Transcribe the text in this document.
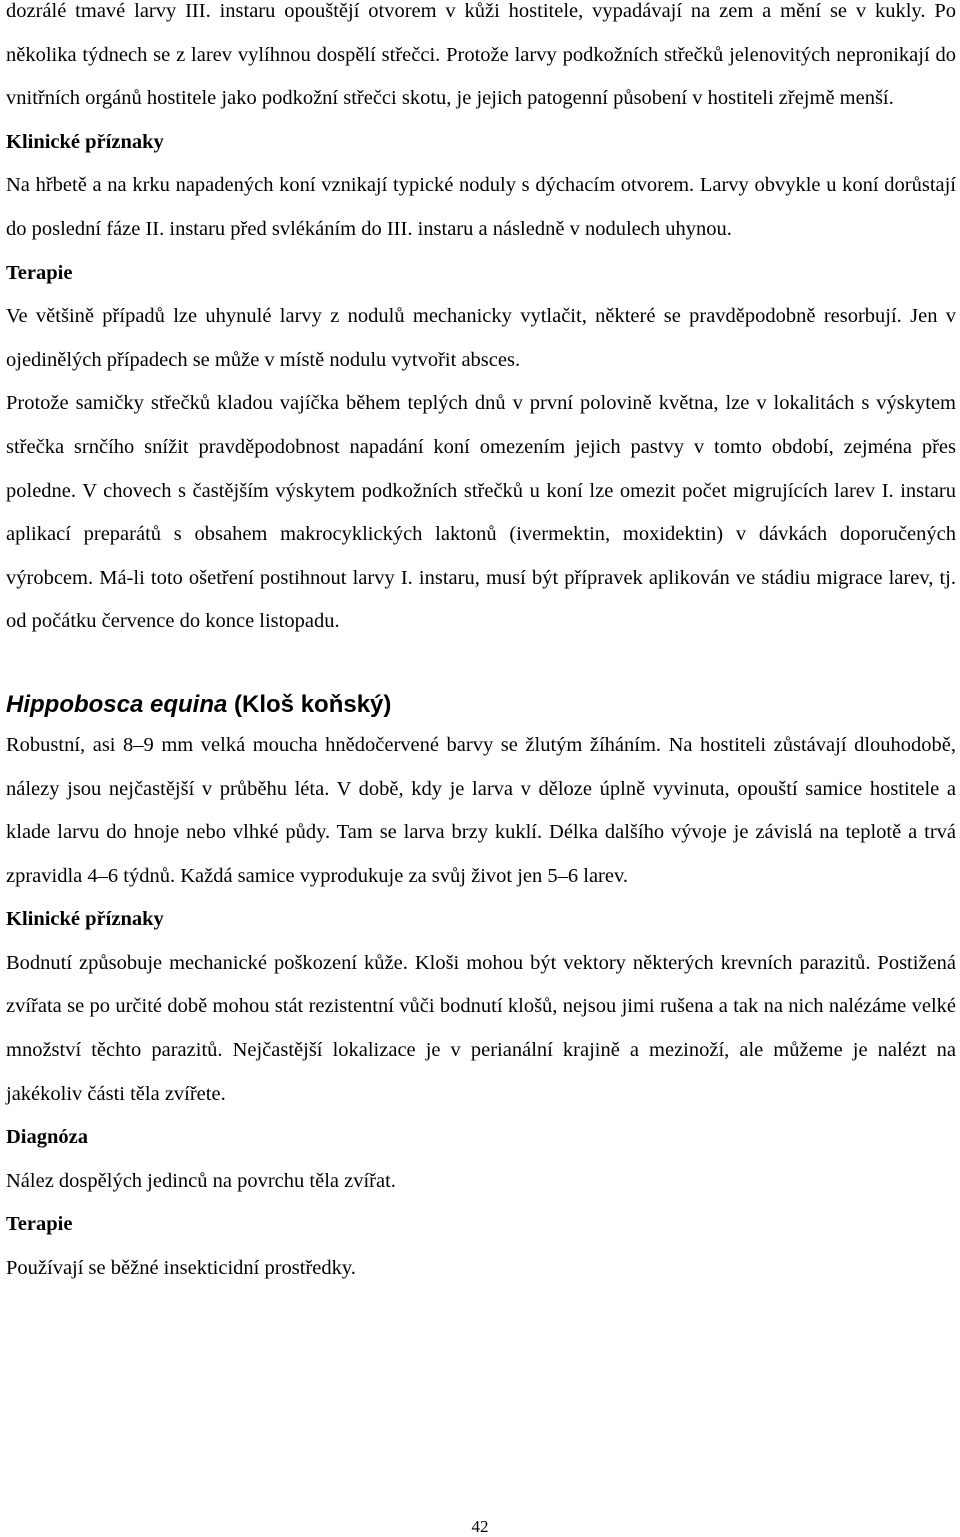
dozrálé tmavé larvy III. instaru opouštějí otvorem v kůži hostitele, vypadávají na zem a mění se v kukly. Po několika týdnech se z larev vylíhnou dospělí střečci. Protože larvy podkožních střečků jelenovitých nepronikají do vnitřních orgánů hostitele jako podkožní střečci skotu, je jejich patogenní působení v hostiteli zřejmě menší.

Klinické příznaky

Na hřbetě a na krku napadených koní vznikají typické noduly s dýchacím otvorem. Larvy obvykle u koní dorůstají do poslední fáze II. instaru před svlékáním do III. instaru a následně v nodulech uhynou.

Terapie

Ve většině případů lze uhynulé larvy z nodulů mechanicky vytlačit, některé se pravděpodobně resorbují. Jen v ojedinělých případech se může v místě nodulu vytvořit absces.

Protože samičky střečků kladou vajíčka během teplých dnů v první polovině května, lze v lokalitách s výskytem střečka srnčího snížit pravděpodobnost napadání koní omezením jejich pastvy v tomto období, zejména přes poledne. V chovech s častějším výskytem podkožních střečků u koní lze omezit počet migrujících larev I. instaru aplikací preparátů s obsahem makrocyklických laktonů (ivermektin, moxidektin) v dávkách doporučených výrobcem. Má-li toto ošetření postihnout larvy I. instaru, musí být přípravek aplikován ve stádiu migrace larev, tj. od počátku července do konce listopadu.

Hippobosca equina (Kloš koňský)

Robustní, asi 8–9 mm velká moucha hnědočervené barvy se žlutým žíháním. Na hostiteli zůstávají dlouhodobě, nálezy jsou nejčastější v průběhu léta. V době, kdy je larva v děloze úplně vyvinuta, opouští samice hostitele a klade larvu do hnoje nebo vlhké půdy. Tam se larva brzy kuklí. Délka dalšího vývoje je závislá na teplotě a trvá zpravidla 4–6 týdnů. Každá samice vyprodukuje za svůj život jen 5–6 larev.

Klinické příznaky

Bodnutí způsobuje mechanické poškození kůže. Kloši mohou být vektory některých krevních parazitů. Postižená zvířata se po určité době mohou stát rezistentní vůči bodnutí klošů, nejsou jimi rušena a tak na nich nalézáme velké množství těchto parazitů. Nejčastější lokalizace je v perianální krajině a mezinoží, ale můžeme je nalézt na jakékoliv části těla zvířete.

Diagnóza

Nález dospělých jedinců na povrchu těla zvířat.

Terapie

Používají se běžné insekticidní prostředky.

42
